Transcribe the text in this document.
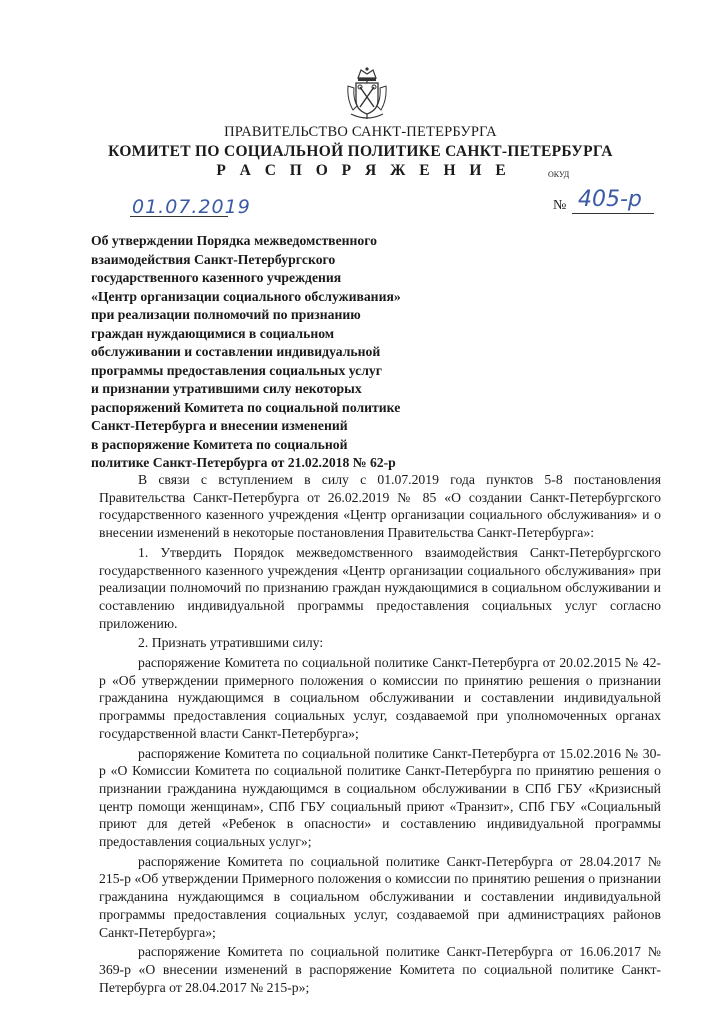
ПРАВИТЕЛЬСТВО САНКТ-ПЕТЕРБУРГА
КОМИТЕТ ПО СОЦИАЛЬНОЙ ПОЛИТИКЕ САНКТ-ПЕТЕРБУРГА
Р А С П О Р Я Ж Е Н И Е	ОКУД
01.07.2019	№ 405-р
Об утверждении Порядка межведомственного
взаимодействия Санкт-Петербургского
государственного казенного учреждения
«Центр организации социального обслуживания»
при реализации полномочий по признанию
граждан нуждающимися в социальном
обслуживании и составлении индивидуальной
программы предоставления социальных услуг
и признании утратившими силу некоторых
распоряжений Комитета по социальной политике
Санкт-Петербурга и внесении изменений
в распоряжение Комитета по социальной
политике Санкт-Петербурга от 21.02.2018 № 62-р

В связи с вступлением в силу с 01.07.2019 года пунктов 5-8 постановления Правительства Санкт-Петербурга от 26.02.2019 № 85 «О создании Санкт-Петербургского государственного казенного учреждения «Центр организации социального обслуживания» и о внесении изменений в некоторые постановления Правительства Санкт-Петербурга»:

1. Утвердить Порядок межведомственного взаимодействия Санкт-Петербургского государственного казенного учреждения «Центр организации социального обслуживания» при реализации полномочий по признанию граждан нуждающимися в социальном обслуживании и составлению индивидуальной программы предоставления социальных услуг согласно приложению.

2. Признать утратившими силу:

распоряжение Комитета по социальной политике Санкт-Петербурга от 20.02.2015 № 42-р «Об утверждении примерного положения о комиссии по принятию решения о признании гражданина нуждающимся в социальном обслуживании и составлении индивидуальной программы предоставления социальных услуг, создаваемой при уполномоченных органах государственной власти Санкт-Петербурга»;

распоряжение Комитета по социальной политике Санкт-Петербурга от 15.02.2016 № 30-р «О Комиссии Комитета по социальной политике Санкт-Петербурга по принятию решения о признании гражданина нуждающимся в социальном обслуживании в СПб ГБУ «Кризисный центр помощи женщинам», СПб ГБУ социальный приют «Транзит», СПб ГБУ «Социальный приют для детей «Ребенок в опасности» и составлению индивидуальной программы предоставления социальных услуг»;

распоряжение Комитета по социальной политике Санкт-Петербурга от 28.04.2017 № 215-р «Об утверждении Примерного положения о комиссии по принятию решения о признании гражданина нуждающимся в социальном обслуживании и составлении индивидуальной программы предоставления социальных услуг, создаваемой при администрациях районов Санкт-Петербурга»;

распоряжение Комитета по социальной политике Санкт-Петербурга от 16.06.2017 № 369-р «О внесении изменений в распоряжение Комитета по социальной политике Санкт-Петербурга от 28.04.2017 № 215-р»;
